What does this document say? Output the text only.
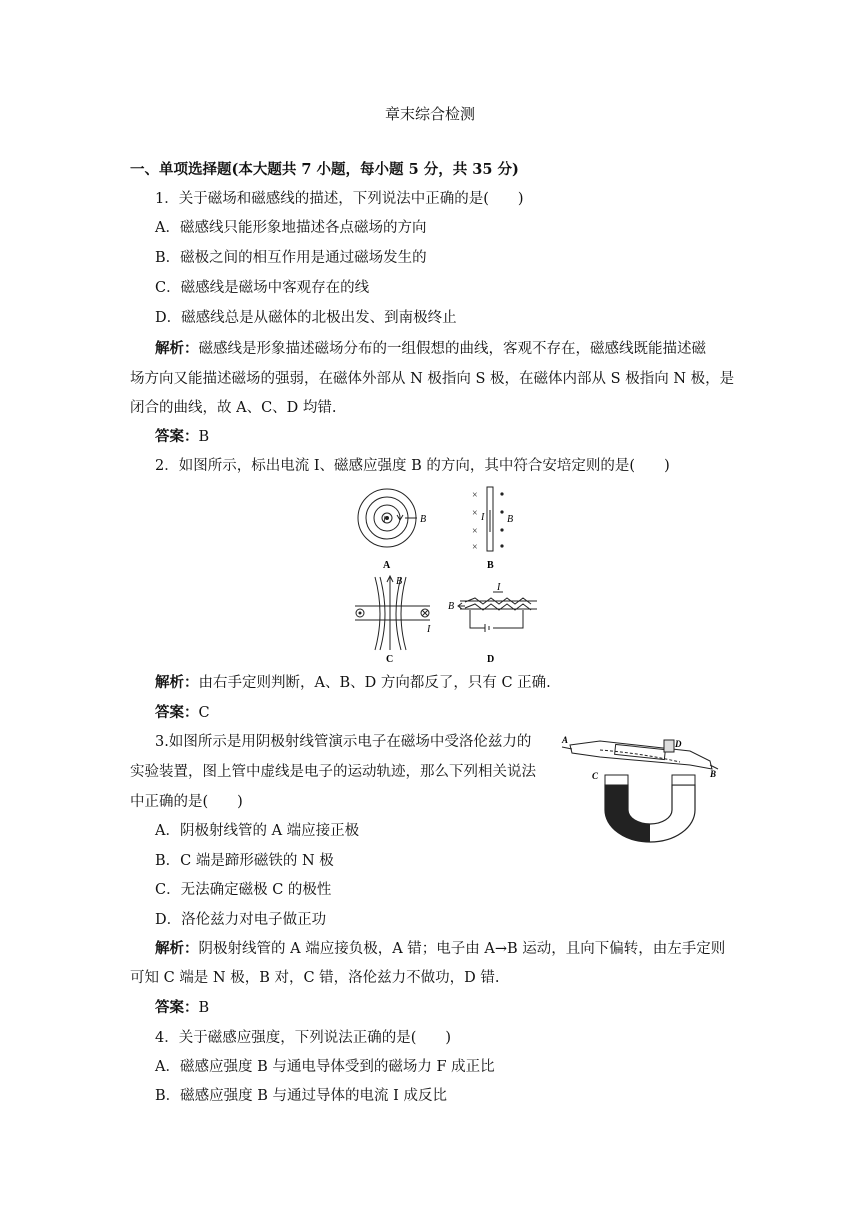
章末综合检测
一、单项选择题(本大题共 7 小题，每小题 5 分，共 35 分)
1．关于磁场和磁感线的描述，下列说法中正确的是(　　)
A．磁感线只能形象地描述各点磁场的方向
B．磁极之间的相互作用是通过磁场发生的
C．磁感线是磁场中客观存在的线
D．磁感线总是从磁体的北极出发、到南极终止
解析：磁感线是形象描述磁场分布的一组假想的曲线，客观不存在，磁感线既能描述磁
场方向又能描述磁场的强弱，在磁体外部从 N 极指向 S 极，在磁体内部从 S 极指向 N 极，是
闭合的曲线，故 A、C、D 均错.
答案：B
2．如图所示，标出电流 I、磁感应强度 B 的方向，其中符合安培定则的是(　　)
B
I
A
×
×
×
×
I B
B
B
I
C
I
B
D
解析：由右手定则判断，A、B、D 方向都反了，只有 C 正确.
答案：C
3.如图所示是用阴极射线管演示电子在磁场中受洛伦兹力的
实验装置，图上管中虚线是电子的运动轨迹，那么下列相关说法
中正确的是(　　)
A
B
C
D
A．阴极射线管的 A 端应接正极
B．C 端是蹄形磁铁的 N 极
C．无法确定磁极 C 的极性
D．洛伦兹力对电子做正功
解析：阴极射线管的 A 端应接负极，A 错；电子由 A→B 运动，且向下偏转，由左手定则
可知 C 端是 N 极，B 对，C 错，洛伦兹力不做功，D 错.
答案：B
4．关于磁感应强度，下列说法正确的是(　　)
A．磁感应强度 B 与通电导体受到的磁场力 F 成正比
B．磁感应强度 B 与通过导体的电流 I 成反比
